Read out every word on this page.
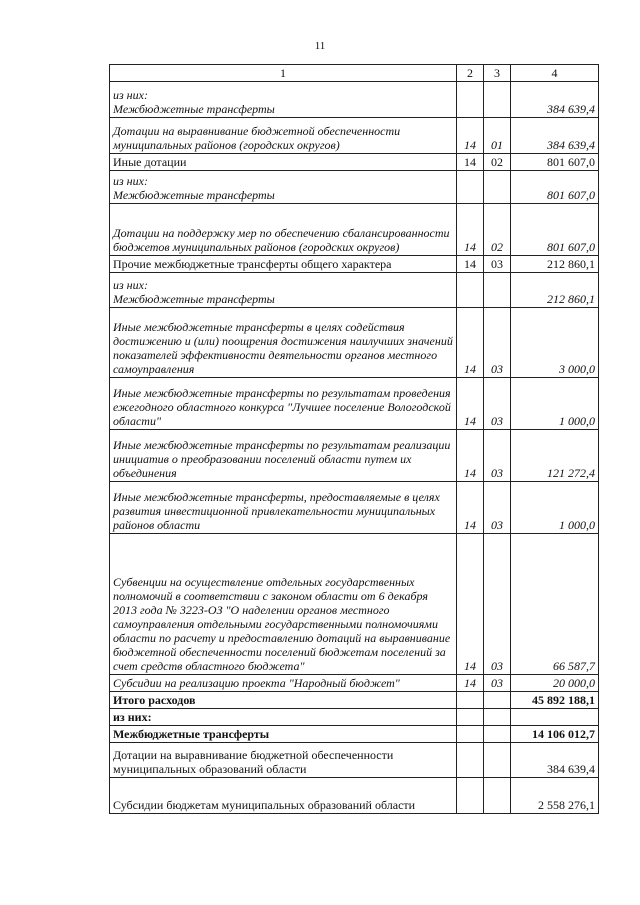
11
1	2	3	4
из них:
Межбюджетные трансферты			384 639,4
Дотации на выравнивание бюджетной обеспеченности муниципальных районов (городских округов)	14	01	384 639,4
Иные дотации	14	02	801 607,0
из них:
Межбюджетные трансферты			801 607,0
Дотации на поддержку мер по обеспечению сбалансированности бюджетов муниципальных районов (городских округов)	14	02	801 607,0
Прочие межбюджетные трансферты общего характера	14	03	212 860,1
из них:
Межбюджетные трансферты			212 860,1
Иные межбюджетные трансферты в целях содействия достижению и (или) поощрения достижения наилучших значений показателей эффективности деятельности органов местного самоуправления	14	03	3 000,0
Иные межбюджетные трансферты по результатам проведения ежегодного областного конкурса "Лучшее поселение Вологодской области"	14	03	1 000,0
Иные межбюджетные трансферты по результатам реализации инициатив о преобразовании поселений области путем их объединения	14	03	121 272,4
Иные межбюджетные трансферты, предоставляемые в целях развития инвестиционной привлекательности муниципальных районов области	14	03	1 000,0
Субвенции на осуществление отдельных государственных полномочий в соответствии с законом области от 6 декабря 2013 года № 3223-ОЗ "О наделении органов местного самоуправления отдельными государственными полномочиями области по расчету и предоставлению дотаций на выравнивание бюджетной обеспеченности поселений бюджетам поселений за счет средств областного бюджета"	14	03	66 587,7
Субсидии на реализацию проекта "Народный бюджет"	14	03	20 000,0
Итого расходов			45 892 188,1
из них:			
Межбюджетные трансферты			14 106 012,7
Дотации на выравнивание бюджетной обеспеченности муниципальных образований области			384 639,4
Субсидии бюджетам муниципальных образований области			2 558 276,1
